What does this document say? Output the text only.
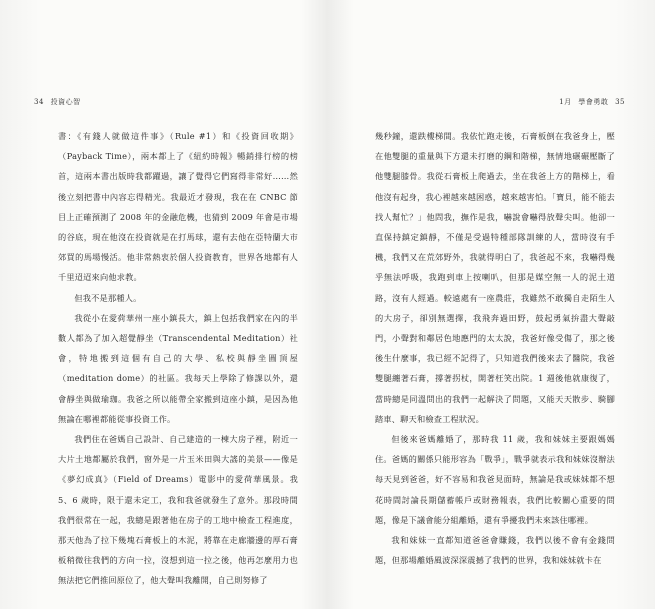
34 投資心智

書：《有錢人就做這件事》（Rule #1）和《投資回收期》（Payback Time），兩本都上了《紐約時報》暢銷排行榜的榜首，這兩本書出版時我都躍過，讓了覺得它們寫得非常好……然後立刻把書中內容忘得精光。我最近才發現，我在在 CNBC 節目上正確預測了 2008 年的金融危機，也猜到 2009 年會是市場的谷底，現在他沒在投資就是在打馬球，還有去他在亞特蘭大市郊買的馬場慢活。他非常熱衷於個人投資教育，世界各地都有人千里迢迢來向他求教。

但我不是那種人。

我從小在愛荷華州一座小鎮長大，鎮上包括我們家在內的半數人都為了加入超覺靜坐（Transcendental Meditation）社會，特地搬到這個有自己的大學、私校與靜坐圓頂屋（meditation dome）的社區。我每天上學除了修課以外，還會靜坐與做瑜珈。我爸之所以能帶全家搬到這座小鎮，是因為他無論在哪裡都能從事投資工作。

我們住在爸媽自己設計、自己建造的一棟大房子裡，附近一大片土地都屬於我們，窗外是一片玉米田與大謠的美景——像是《夢幻成真》（Field of Dreams）電影中的愛荷華風景。我 5、6 歲時，限于還未定工，我和我爸就發生了意外。那段時間我們很常在一起，我總是跟著他在房子的工地中檢查工程進度，那天他為了拉下幾塊石膏板上的木泥，將靠在走廊牆邊的厚石膏板稍微往我們的方向一拉，沒想到這一拉之後，他再怎麼用力也無法把它們推回原位了，他大聲叫我離開，自己則努修了

1月 學會勇敢 35

幾秒鐘，還跌樓梯間。我依忙跑走後，石膏板倒在我爸身上，壓在他雙腿的重量與下方還未打磨的鋼和階梯，無情地碾碾壓斷了他雙腿膝骨。我從石膏板上爬過去，坐在我爸上方的階梯上，看他沒有起身，我心裡越來越困惑，越來越害怕。「寶貝，能不能去找人幫忙？」他問我，撫作是我，嚇說會嚇得放聲尖叫。他卻一直保持鎮定鎮靜，不僅是受過特種部隊訓練的人，當時沒有手機，我們又在荒郊野外，我就得明白了，我爸起不來，我嚇得幾乎無法呼吸，我跑到車上按喇叭，但那是媒空無一人的泥土道路，沒有人經過。較遠處有一座農莊，我雖然不敢獨自走陌生人的大房子，卻別無選擇，我飛奔過田野，鼓起勇氣拚盡大聲敲門，小聲對和鄰居色地應門的太太說，我爸好像受傷了，那之後後生什麼事，我已經不記得了，只知道我們後來去了醫院，我爸雙腿纏著石膏，撐著拐杖，開著枉笑出院。1 週後他就康復了，當時總是同溫問出的我們一起解決了問題，又能天天散步、騎腳踏車、聊天和檢查工程狀況。

但後來爸媽離婚了，那時我 11 歲，我和妹妹主要跟媽媽住。爸媽的關係只能形容為「戰爭」，戰爭就表示我和妹妹沒辦法每天見到爸爸，好不容易和我爸見面時，無論是我或妹妹都不想花時間討論長期儲蓄帳戶或財務報表，我們比較關心重要的問題，像是下議會能分組離婚，還有爭擾我們未來該住哪裡。

我和妹妹一直都知道爸爸會賺錢，我們以後不會有金錢問題，但那場離婚風波深深震撼了我們的世界，我和妹妹就卡在
